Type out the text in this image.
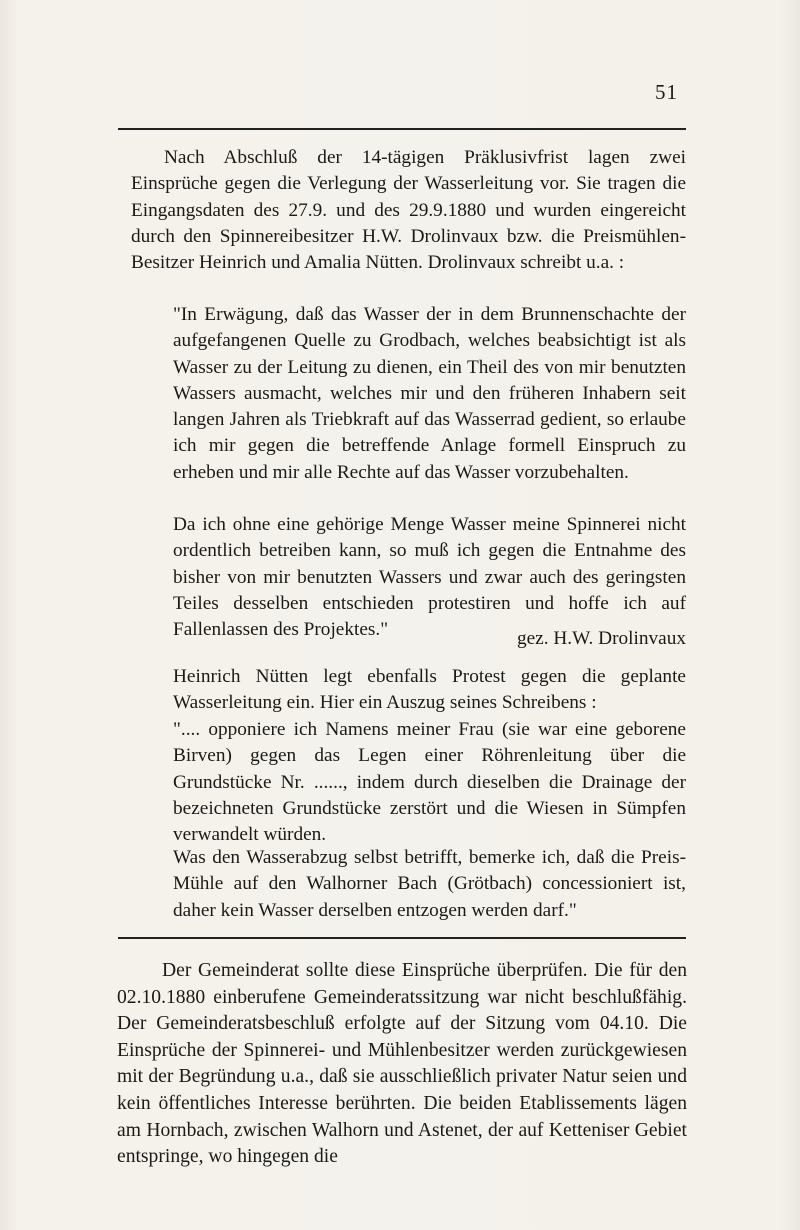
51

Nach Abschluß der 14-tägigen Präklusivfrist lagen zwei Einsprüche gegen die Verlegung der Wasserleitung vor. Sie tragen die Eingangsdaten des 27.9. und des 29.9.1880 und wurden eingereicht durch den Spinnereibesitzer H.W. Drolinvaux bzw. die Preismühlen-Besitzer Heinrich und Amalia Nütten. Drolinvaux schreibt u.a. :

"In Erwägung, daß das Wasser der in dem Brunnenschachte der aufgefangenen Quelle zu Grodbach, welches beabsichtigt ist als Wasser zu der Leitung zu dienen, ein Theil des von mir benutzten Wassers ausmacht, welches mir und den früheren Inhabern seit langen Jahren als Triebkraft auf das Wasserrad gedient, so erlaube ich mir gegen die betreffende Anlage formell Einspruch zu erheben und mir alle Rechte auf das Wasser vorzubehalten.

Da ich ohne eine gehörige Menge Wasser meine Spinnerei nicht ordentlich betreiben kann, so muß ich gegen die Entnahme des bisher von mir benutzten Wassers und zwar auch des geringsten Teiles desselben entschieden protestiren und hoffe ich auf Fallenlassen des Projektes."	gez. H.W. Drolinvaux

Heinrich Nütten legt ebenfalls Protest gegen die geplante Wasserleitung ein. Hier ein Auszug seines Schreibens :

".... opponiere ich Namens meiner Frau (sie war eine geborene Birven) gegen das Legen einer Röhrenleitung über die Grundstücke Nr. ......, indem durch dieselben die Drainage der bezeichneten Grundstücke zerstört und die Wiesen in Sümpfen verwandelt würden.

Was den Wasserabzug selbst betrifft, bemerke ich, daß die Preis-Mühle auf den Walhorner Bach (Grötbach) concessioniert ist, daher kein Wasser derselben entzogen werden darf."

Der Gemeinderat sollte diese Einsprüche überprüfen. Die für den 02.10.1880 einberufene Gemeinderatssitzung war nicht beschlußfähig. Der Gemeinderatsbeschluß erfolgte auf der Sitzung vom 04.10. Die Einsprüche der Spinnerei- und Mühlenbesitzer werden zurückgewiesen mit der Begründung u.a., daß sie ausschließlich privater Natur seien und kein öffentliches Interesse berührten. Die beiden Etablissements lägen am Hornbach, zwischen Walhorn und Astenet, der auf Ketteniser Gebiet entspringe, wo hingegen die
